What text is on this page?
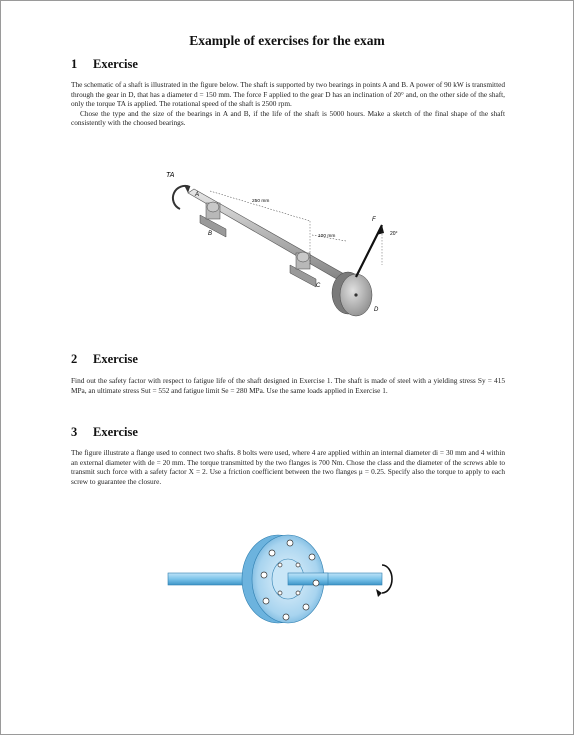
Example of exercises for the exam
1 Exercise

The schematic of a shaft is illustrated in the figure below. The shaft is supported by two bearings in points A and B. A power of 90 kW is transmitted through the gear in D, that has a diameter d = 150 mm. The force F applied to the gear D has an inclination of 20° and, on the other side of the shaft, only the torque TA is applied. The rotational speed of the shaft is 2500 rpm.

Chose the type and the size of the bearings in A and B, if the life of the shaft is 5000 hours. Make a sketch of the final shape of the shaft consistently with the choosed bearings.

TA
A
B
C
D
250 mm
100 mm
F
20°
2 Exercise

Find out the safety factor with respect to fatigue life of the shaft designed in Exercise 1. The shaft is made of steel with a yielding stress Sy = 415 MPa, an ultimate stress Sut = 552 and fatigue limit Se = 280 MPa. Use the same loads applied in Exercise 1.

3 Exercise

The figure illustrate a flange used to connect two shafts. 8 bolts were used, where 4 are applied within an internal diameter di = 30 mm and 4 within an external diameter with de = 20 mm. The torque transmitted by the two flanges is 700 Nm. Chose the class and the diameter of the screws able to transmit such force with a safety factor X = 2. Use a friction coefficient between the two flanges μ = 0.25. Specify also the torque to apply to each screw to guarantee the closure.
